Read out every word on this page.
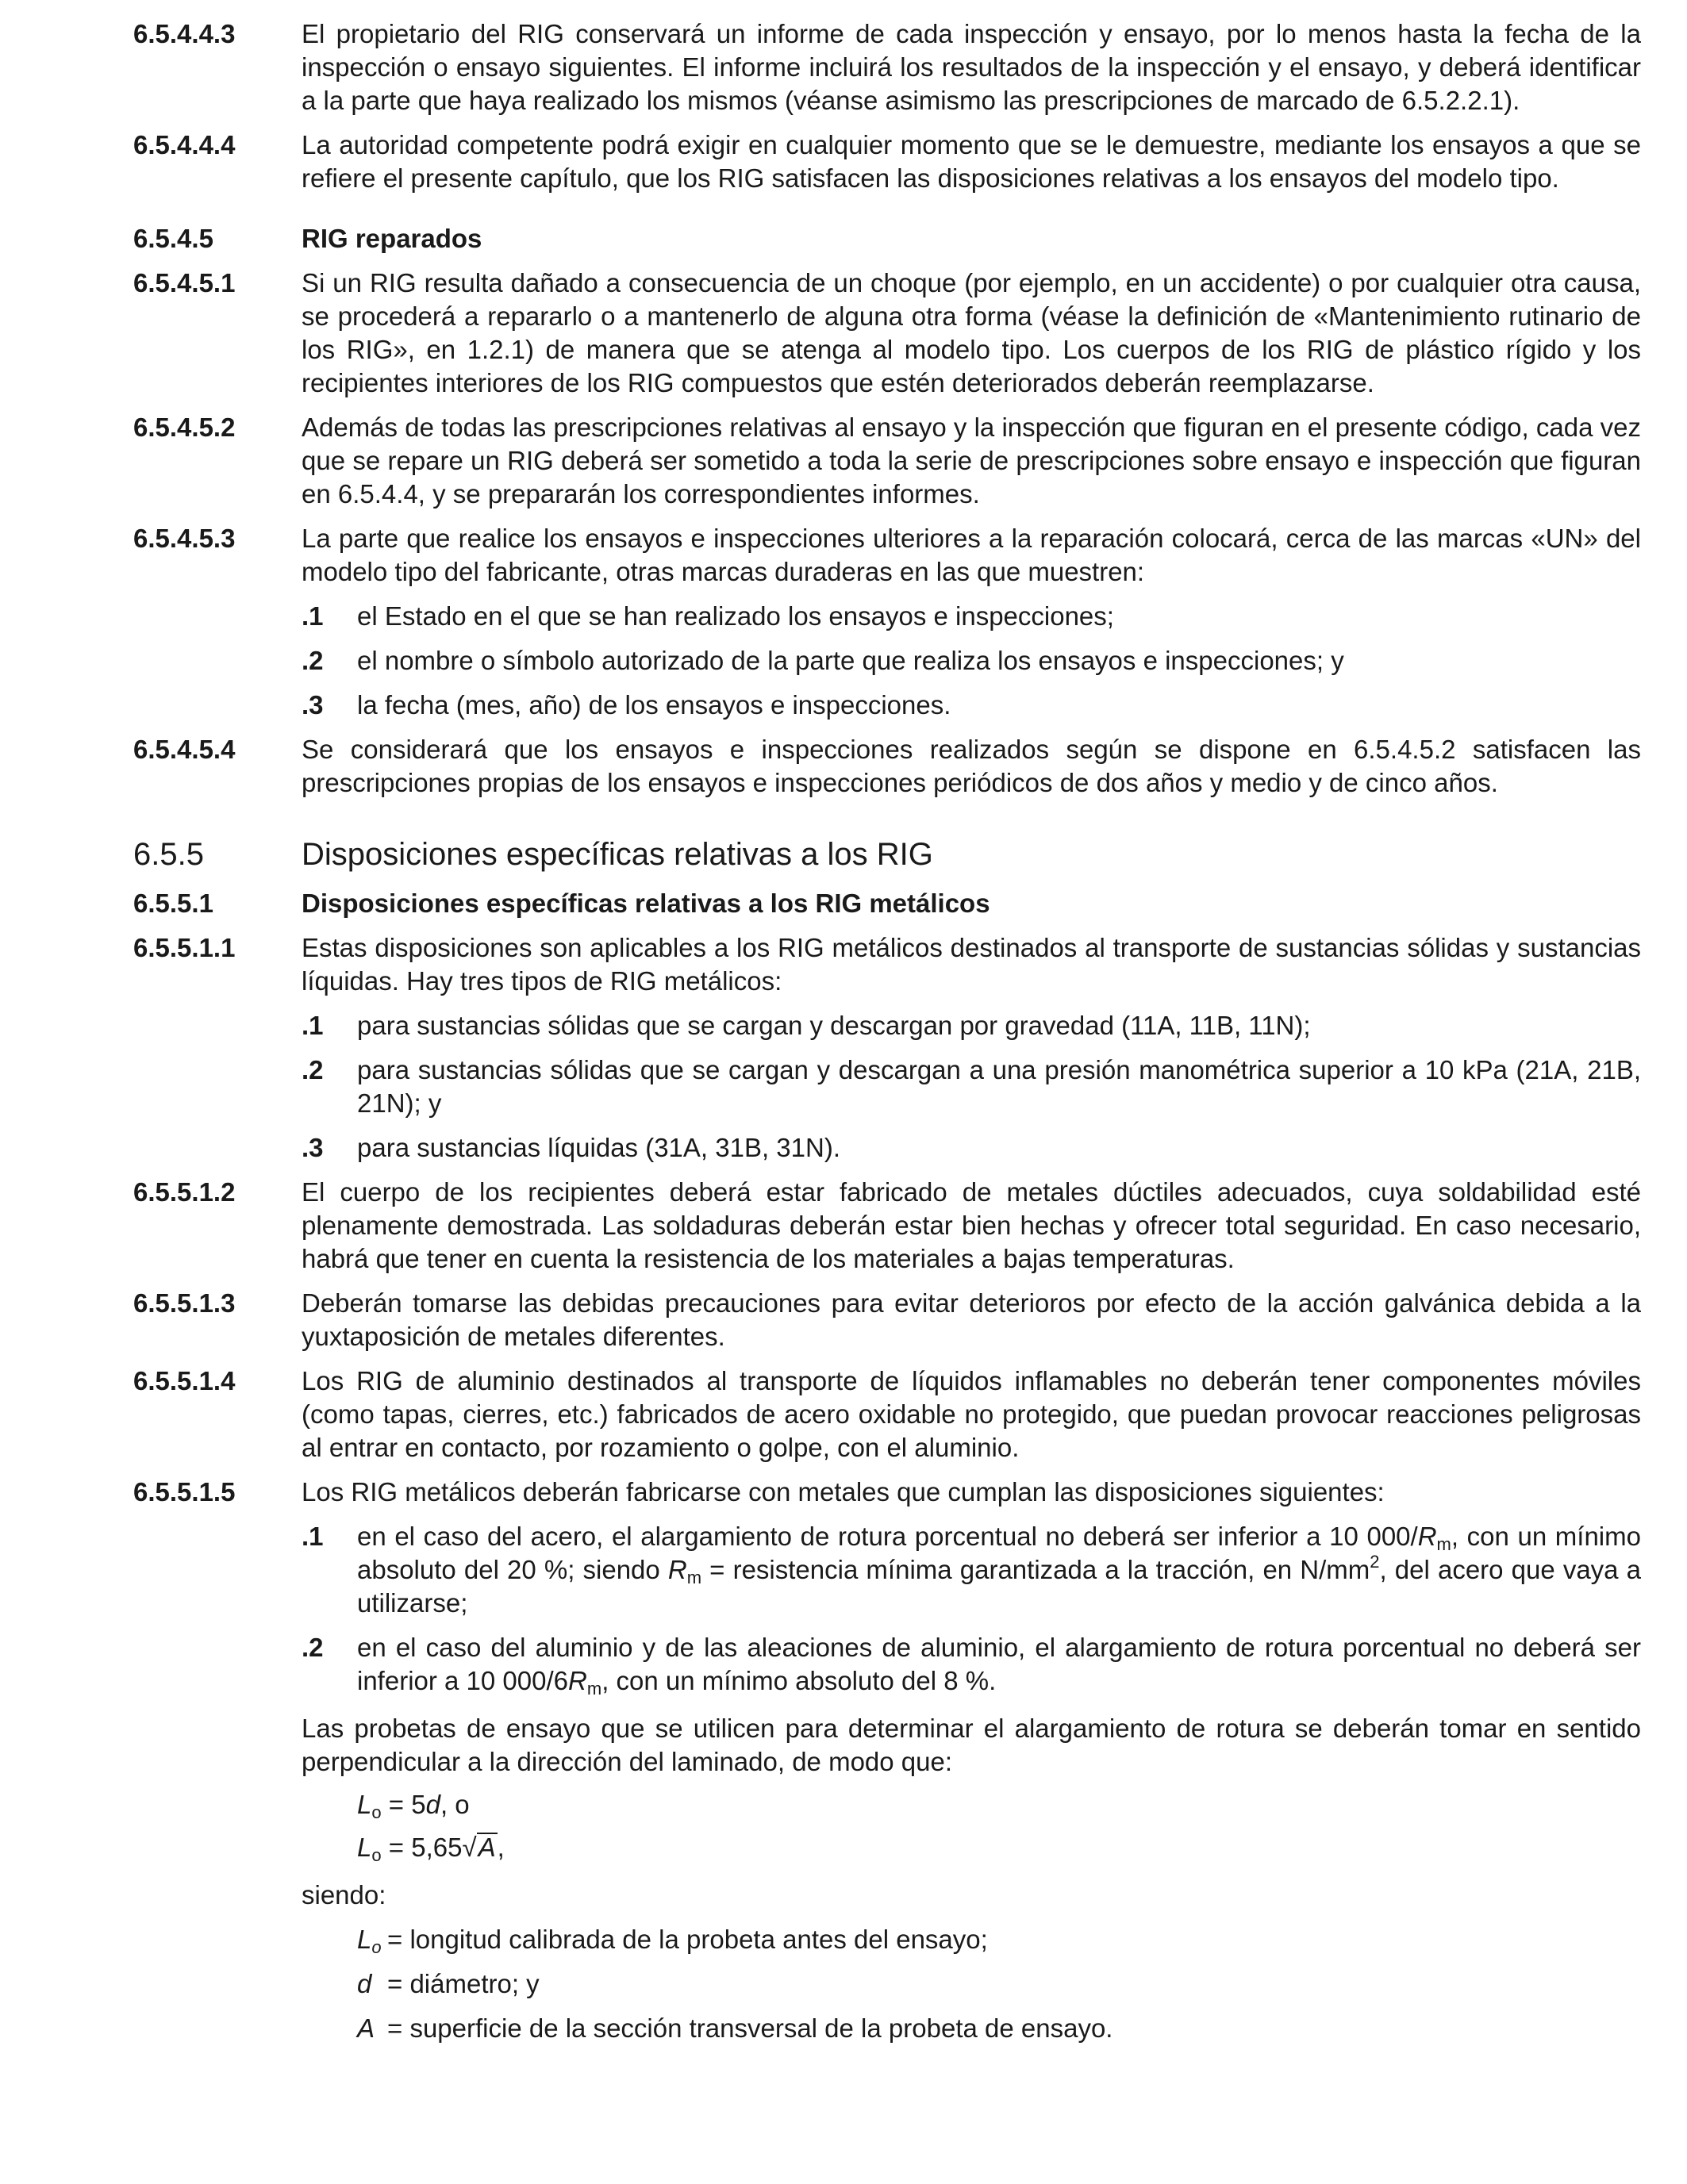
6.5.4.4.3	El propietario del RIG conservará un informe de cada inspección y ensayo, por lo menos hasta la fecha de la inspección o ensayo siguientes. El informe incluirá los resultados de la inspección y el ensayo, y deberá identificar a la parte que haya realizado los mismos (véanse asimismo las prescripciones de marcado de 6.5.2.2.1).
6.5.4.4.4	La autoridad competente podrá exigir en cualquier momento que se le demuestre, mediante los ensayos a que se refiere el presente capítulo, que los RIG satisfacen las disposiciones relativas a los ensayos del modelo tipo.
6.5.4.5	RIG reparados
6.5.4.5.1	Si un RIG resulta dañado a consecuencia de un choque (por ejemplo, en un accidente) o por cualquier otra causa, se procederá a repararlo o a mantenerlo de alguna otra forma (véase la definición de «Mantenimiento rutinario de los RIG», en 1.2.1) de manera que se atenga al modelo tipo. Los cuerpos de los RIG de plástico rígido y los recipientes interiores de los RIG compuestos que estén deteriorados deberán reemplazarse.
6.5.4.5.2	Además de todas las prescripciones relativas al ensayo y la inspección que figuran en el presente código, cada vez que se repare un RIG deberá ser sometido a toda la serie de prescripciones sobre ensayo e inspección que figuran en 6.5.4.4, y se prepararán los correspondientes informes.
6.5.4.5.3	La parte que realice los ensayos e inspecciones ulteriores a la reparación colocará, cerca de las marcas «UN» del modelo tipo del fabricante, otras marcas duraderas en las que muestren:
.1	el Estado en el que se han realizado los ensayos e inspecciones;
.2	el nombre o símbolo autorizado de la parte que realiza los ensayos e inspecciones; y
.3	la fecha (mes, año) de los ensayos e inspecciones.
6.5.4.5.4	Se considerará que los ensayos e inspecciones realizados según se dispone en 6.5.4.5.2 satisfacen las prescripciones propias de los ensayos e inspecciones periódicos de dos años y medio y de cinco años.
6.5.5	Disposiciones específicas relativas a los RIG
6.5.5.1	Disposiciones específicas relativas a los RIG metálicos
6.5.5.1.1	Estas disposiciones son aplicables a los RIG metálicos destinados al transporte de sustancias sólidas y sustancias líquidas. Hay tres tipos de RIG metálicos:
.1	para sustancias sólidas que se cargan y descargan por gravedad (11A, 11B, 11N);
.2	para sustancias sólidas que se cargan y descargan a una presión manométrica superior a 10 kPa (21A, 21B, 21N); y
.3	para sustancias líquidas (31A, 31B, 31N).
6.5.5.1.2	El cuerpo de los recipientes deberá estar fabricado de metales dúctiles adecuados, cuya soldabilidad esté plenamente demostrada. Las soldaduras deberán estar bien hechas y ofrecer total seguridad. En caso necesario, habrá que tener en cuenta la resistencia de los materiales a bajas temperaturas.
6.5.5.1.3	Deberán tomarse las debidas precauciones para evitar deterioros por efecto de la acción galvánica debida a la yuxtaposición de metales diferentes.
6.5.5.1.4	Los RIG de aluminio destinados al transporte de líquidos inflamables no deberán tener componentes móviles (como tapas, cierres, etc.) fabricados de acero oxidable no protegido, que puedan provocar reacciones peligrosas al entrar en contacto, por rozamiento o golpe, con el aluminio.
6.5.5.1.5	Los RIG metálicos deberán fabricarse con metales que cumplan las disposiciones siguientes:
.1	en el caso del acero, el alargamiento de rotura porcentual no deberá ser inferior a 10 $000/R_m$, con un mínimo absoluto del 20 %; siendo $R_m$ = resistencia mínima garantizada a la tracción, en $N/mm^2$, del acero que vaya a utilizarse;
.2	en el caso del aluminio y de las aleaciones de aluminio, el alargamiento de rotura porcentual no deberá ser inferior a 10 $000/6R_m$, con un mínimo absoluto del 8 %.
Las probetas de ensayo que se utilicen para determinar el alargamiento de rotura se deberán tomar en sentido perpendicular a la dirección del laminado, de modo que:
$L_o = 5d$, o
$L_o = 5,65√A$,
siendo:
$L_o$ = longitud calibrada de la probeta antes del ensayo;
d = diámetro; y
A = superficie de la sección transversal de la probeta de ensayo.
